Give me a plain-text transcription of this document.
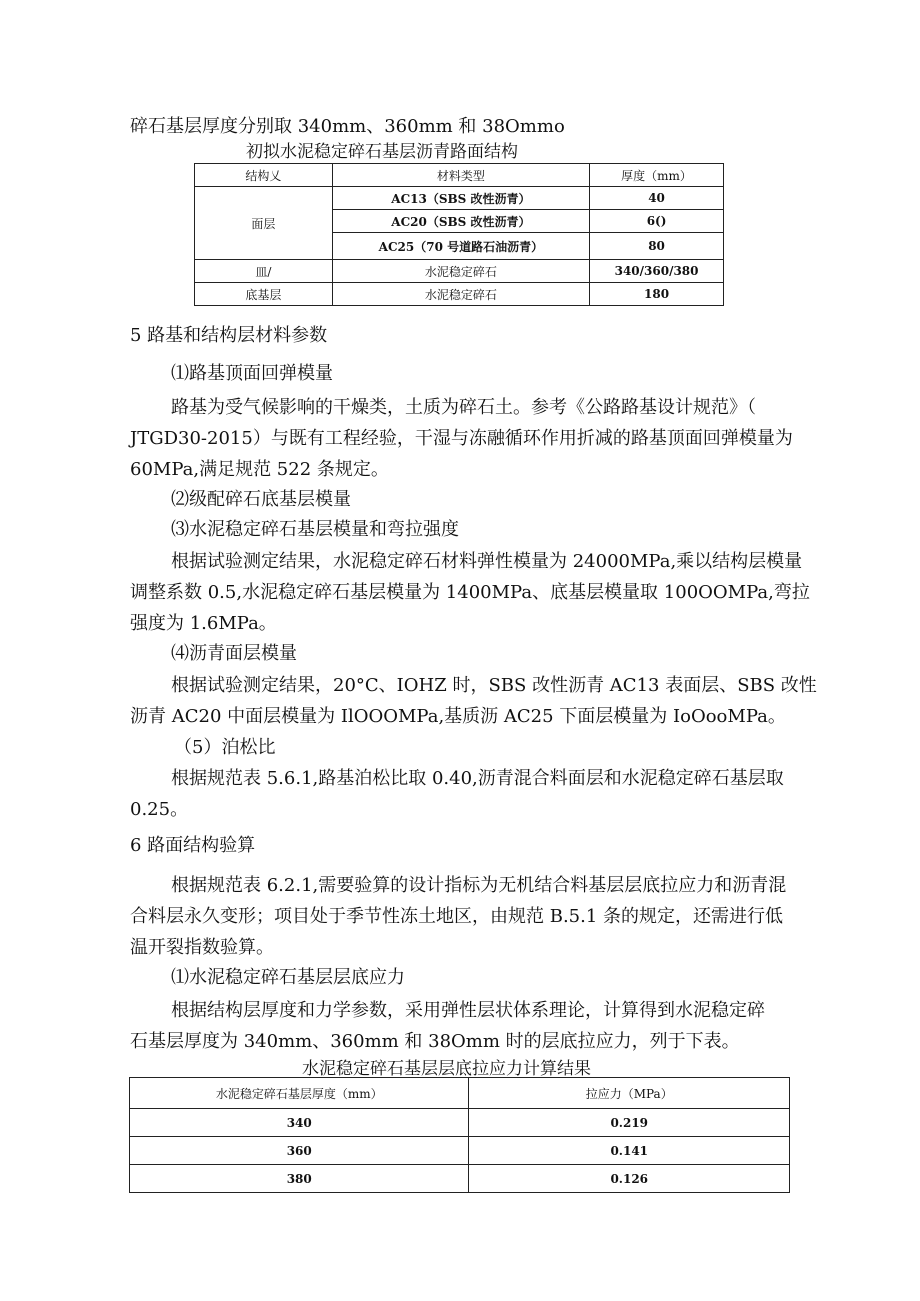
碎石基层厚度分别取 340mm、360mm 和 38Ommo
初拟水泥稳定碎石基层沥青路面结构
结构乂	材料类型	厚度（mm）
面层	AC13（SBS 改性沥青）	40
	AC20（SBS 改性沥青）	6()
	AC25（70 号道路石油沥青）	80
皿/	水泥稳定碎石	340/360/380
底基层	水泥稳定碎石	180
5 路基和结构层材料参数
⑴路基顶面回弹模量
路基为受气候影响的干燥类，土质为碎石土。参考《公路路基设计规范》（
JTGD30-2015）与既有工程经验，干湿与冻融循环作用折减的路基顶面回弹模量为
60MPa,满足规范 522 条规定。
⑵级配碎石底基层模量
⑶水泥稳定碎石基层模量和弯拉强度
根据试验测定结果，水泥稳定碎石材料弹性模量为 24000MPa,乘以结构层模量
调整系数 0.5,水泥稳定碎石基层模量为 1400MPa、底基层模量取 100OOMPa,弯拉
强度为 1.6MPa。
⑷沥青面层模量
根据试验测定结果，20°C、IOHZ 时，SBS 改性沥青 AC13 表面层、SBS 改性
沥青 AC20 中面层模量为 IlOOOMPa,基质沥 AC25 下面层模量为 IoOooMPa。
（5）泊松比
根据规范表 5.6.1,路基泊松比取 0.40,沥青混合料面层和水泥稳定碎石基层取
0.25。
6 路面结构验算
根据规范表 6.2.1,需要验算的设计指标为无机结合料基层层底拉应力和沥青混
合料层永久变形；项目处于季节性冻土地区，由规范 B.5.1 条的规定，还需进行低
温开裂指数验算。
⑴水泥稳定碎石基层层底应力
根据结构层厚度和力学参数，采用弹性层状体系理论，计算得到水泥稳定碎
石基层厚度为 340mm、360mm 和 38Omm 时的层底拉应力，列于下表。
水泥稳定碎石基层层底拉应力计算结果
水泥稳定碎石基层厚度（mm）	拉应力（MPa）
340	0.219
360	0.141
380	0.126
